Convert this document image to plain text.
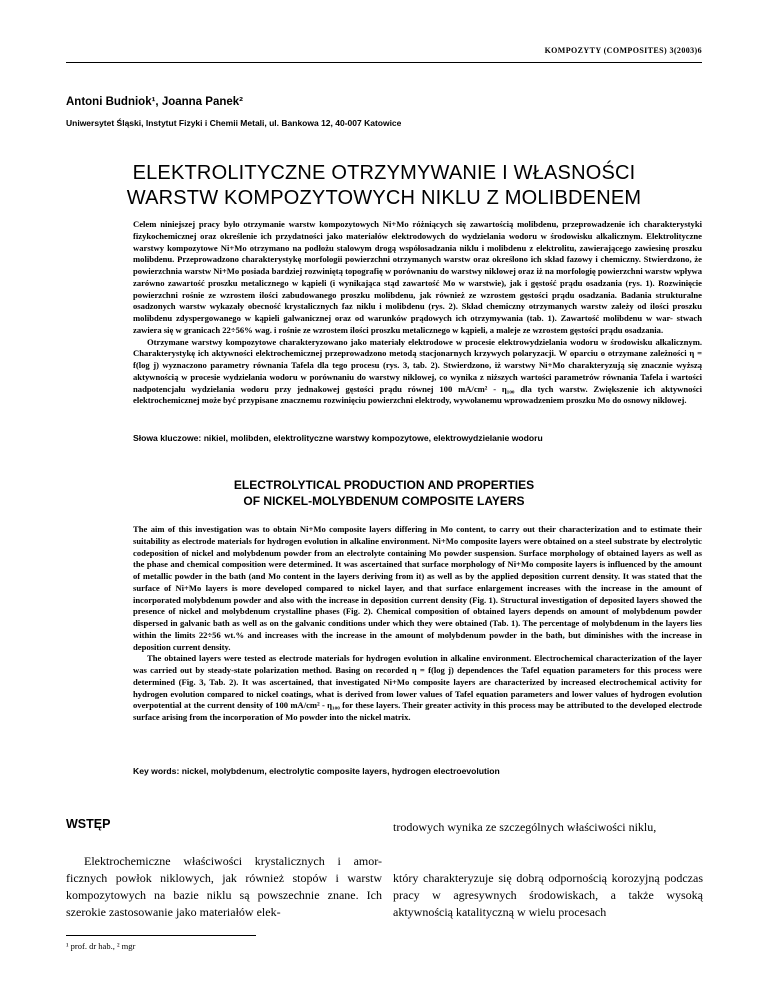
KOMPOZYTY (COMPOSITES) 3(2003)6
Antoni Budniok¹, Joanna Panek²
Uniwersytet Śląski, Instytut Fizyki i Chemii Metali, ul. Bankowa 12, 40-007 Katowice
ELEKTROLITYCZNE OTRZYMYWANIE I WŁASNOŚCI
WARSTW KOMPOZYTOWYCH NIKLU Z MOLIBDENEM

Celem niniejszej pracy było otrzymanie warstw kompozytowych Ni+Mo różniących się zawartością molibdenu, przeprowadzenie ich charakterystyki fizykochemicznej oraz określenie ich przydatności jako materiałów elektrodowych do wydzielania wodoru w środowisku alkalicznym. Elektrolityczne warstwy kompozytowe Ni+Mo otrzymano na podłożu stalowym drogą współosadzania niklu i molibdenu z elektrolitu, zawierającego zawiesinę proszku molibdenu. Przeprowadzono charakterystykę morfologii powierzchni otrzymanych warstw oraz określono ich skład fazowy i chemiczny. Stwierdzono, że powierzchnia warstw Ni+Mo posiada bardziej rozwiniętą topografię w porównaniu do warstwy niklowej oraz iż na morfologię powierzchni warstw wpływa zarówno zawartość proszku metalicznego w kąpieli (i wynikająca stąd zawartość Mo w warstwie), jak i gęstość prądu osadzania (rys. 1). Rozwinięcie powierzchni rośnie ze wzrostem ilości zabudowanego proszku molibdenu, jak również ze wzrostem gęstości prądu osadzania. Badania strukturalne osadzonych warstw wykazały obecność krystalicznych faz niklu i molibdenu (rys. 2). Skład chemiczny otrzymanych warstw zależy od ilości proszku molibdenu zdyspergowanego w kąpieli galwanicznej oraz od warunków prądowych ich otrzymywania (tab. 1). Zawartość molibdenu w war- stwach zawiera się w granicach 22÷56% wag. i rośnie ze wzrostem ilości proszku metalicznego w kąpieli, a maleje ze wzrostem gęstości prądu osadzania.

Otrzymane warstwy kompozytowe charakteryzowano jako materiały elektrodowe w procesie elektrowydzielania wodoru w środowisku alkalicznym. Charakterystykę ich aktywności elektrochemicznej przeprowadzono metodą stacjonarnych krzywych polaryzacji. W oparciu o otrzymane zależności η = f(log j) wyznaczono parametry równania Tafela dla tego procesu (rys. 3, tab. 2). Stwierdzono, iż warstwy Ni+Mo charakteryzują się znacznie wyższą aktywnością w procesie wydzielania wodoru w porównaniu do warstwy niklowej, co wynika z niższych wartości parametrów równania Tafela i wartości nadpotencjału wydzielania wodoru przy jednakowej gęstości prądu równej 100 mA/cm² - η₁₀₀ dla tych warstw. Zwiększenie ich aktywności elektrochemicznej może być przypisane znacznemu rozwinięciu powierzchni elektrody, wywołanemu wprowadzeniem proszku Mo do osnowy niklowej.

Słowa kluczowe: nikiel, molibden, elektrolityczne warstwy kompozytowe, elektrowydzielanie wodoru
ELECTROLYTICAL PRODUCTION AND PROPERTIES
OF NICKEL-MOLYBDENUM COMPOSITE LAYERS

The aim of this investigation was to obtain Ni+Mo composite layers differing in Mo content, to carry out their characterization and to estimate their suitability as electrode materials for hydrogen evolution in alkaline environment. Ni+Mo composite layers were obtained on a steel substrate by electrolytic codeposition of nickel and molybdenum powder from an electrolyte containing Mo powder suspension. Surface morphology of obtained layers as well as the phase and chemical composition were determined. It was ascertained that surface morphology of Ni+Mo composite layers is influenced by the amount of metallic powder in the bath (and Mo content in the layers deriving from it) as well as by the applied deposition current density. It was stated that the surface of Ni+Mo layers is more developed compared to nickel layer, and that surface enlargement increases with the increase in the amount of incorporated molybdenum powder and also with the increase in deposition current density (Fig. 1). Structural investigation of deposited layers showed the presence of nickel and molybdenum crystalline phases (Fig. 2). Chemical composition of obtained layers depends on amount of molybdenum powder dispersed in galvanic bath as well as on the galvanic conditions under which they were obtained (Tab. 1). The percentage of molybdenum in the layers lies within the limits 22÷56 wt.% and increases with the increase in the amount of molybdenum powder in the bath, but diminishes with the increase in deposition current density.

The obtained layers were tested as electrode materials for hydrogen evolution in alkaline environment. Electrochemical characterization of the layer was carried out by steady-state polarization method. Basing on recorded η = f(log j) dependences the Tafel equation parameters for this process were determined (Fig. 3, Tab. 2). It was ascertained, that investigated Ni+Mo composite layers are characterized by increased electrochemical activity for hydrogen evolution compared to nickel coatings, what is derived from lower values of Tafel equation parameters and lower values of hydrogen evolution overpotential at the current density of 100 mA/cm² - η₁₀₀ for these layers. Their greater activity in this process may be attributed to the developed electrode surface arising from the incorporation of Mo powder into the nickel matrix.

Key words: nickel, molybdenum, electrolytic composite layers, hydrogen electroevolution
WSTĘP

Elektrochemiczne właściwości krystalicznych i amor- ficznych powłok niklowych, jak również stopów i warstw kompozytowych na bazie niklu są powszechnie znane. Ich szerokie zastosowanie jako materiałów elek-

trodowych wynika ze szczególnych właściwości niklu,

który charakteryzuje się dobrą odpornością korozyjną podczas pracy w agresywnych środowiskach, a także wysoką aktywnością katalityczną w wielu procesach

¹ prof. dr hab., ² mgr
